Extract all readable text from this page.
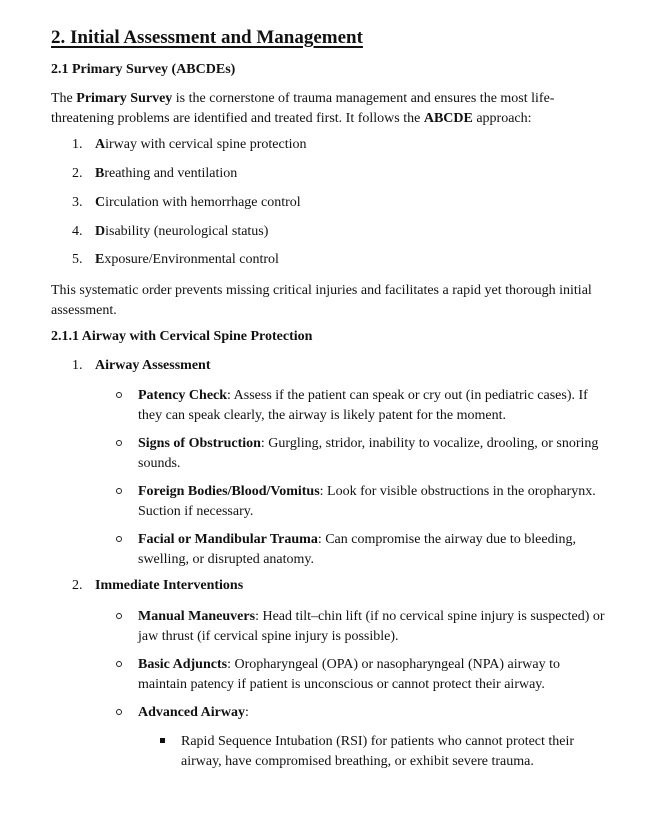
2. Initial Assessment and Management
2.1 Primary Survey (ABCDEs)

The Primary Survey is the cornerstone of trauma management and ensures the most life-threatening problems are identified and treated first. It follows the ABCDE approach:

1. Airway with cervical spine protection
2. Breathing and ventilation
3. Circulation with hemorrhage control
4. Disability (neurological status)
5. Exposure/Environmental control

This systematic order prevents missing critical injuries and facilitates a rapid yet thorough initial assessment.

2.1.1 Airway with Cervical Spine Protection
1. Airway Assessment
Patency Check: Assess if the patient can speak or cry out (in pediatric cases). If they can speak clearly, the airway is likely patent for the moment.
Signs of Obstruction: Gurgling, stridor, inability to vocalize, drooling, or snoring sounds.
Foreign Bodies/Blood/Vomitus: Look for visible obstructions in the oropharynx. Suction if necessary.
Facial or Mandibular Trauma: Can compromise the airway due to bleeding, swelling, or disrupted anatomy.
2. Immediate Interventions
Manual Maneuvers: Head tilt–chin lift (if no cervical spine injury is suspected) or jaw thrust (if cervical spine injury is possible).
Basic Adjuncts: Oropharyngeal (OPA) or nasopharyngeal (NPA) airway to maintain patency if patient is unconscious or cannot protect their airway.
Advanced Airway:
Rapid Sequence Intubation (RSI) for patients who cannot protect their airway, have compromised breathing, or exhibit severe trauma.
